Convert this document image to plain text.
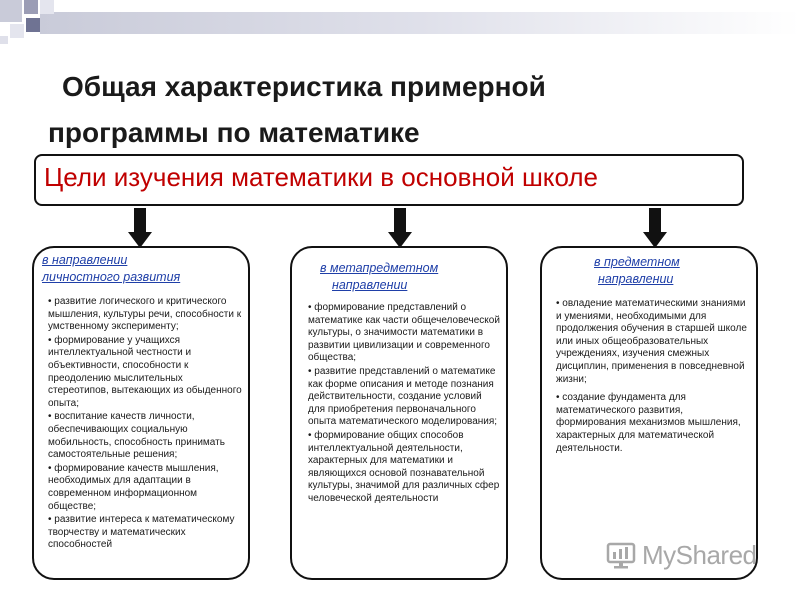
Общая характеристика примерной
программы по математике
Цели изучения математики в основной школе
в направлении
личностного развития

• развитие логического и критического мышления, культуры речи, способности к умственному эксперименту;

• формирование у учащихся интеллектуальной честности и объективности, способности к преодолению мыслительных стереотипов, вытекающих из обыденного опыта;

• воспитание качеств личности, обеспечивающих социальную мобильность, способность принимать самостоятельные решения;

• формирование качеств мышления, необходимых для адаптации в современном информационном обществе;

• развитие интереса к математическому творчеству и математических способностей

в метапредметном
направлении

• формирование представлений о математике как части общечеловеческой культуры, о значимости математики в развитии цивилизации и современного общества;

• развитие представлений о математике как форме описания и методе познания действительности, создание условий для приобретения первоначального опыта математического моделирования;

• формирование общих способов интеллектуальной деятельности, характерных для математики и являющихся основой познавательной культуры, значимой для различных сфер человеческой деятельности

в предметном
направлении

• овладение математическими знаниями и умениями, необходимыми для продолжения обучения в старшей школе или иных общеобразовательных учреждениях, изучения смежных дисциплин, применения в повседневной жизни;

• создание фундамента для математического развития, формирования механизмов мышления, характерных для математической деятельности.

MyShared
